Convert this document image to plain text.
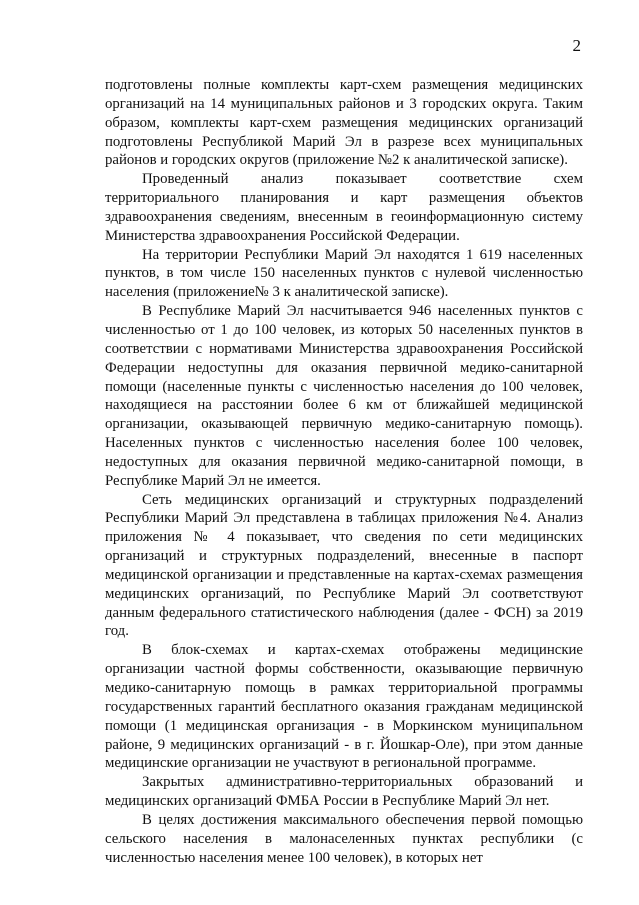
2

подготовлены полные комплекты карт-схем размещения медицинских организаций на 14 муниципальных районов и 3 городских округа. Таким образом, комплекты карт-схем размещения медицинских организаций подготовлены Республикой Марий Эл в разрезе всех муниципальных районов и городских округов (приложение №2 к аналитической записке).

Проведенный анализ показывает соответствие схем территориального планирования и карт размещения объектов здравоохранения сведениям, внесенным в геоинформационную систему Министерства здравоохранения Российской Федерации.

На территории Республики Марий Эл находятся 1 619 населенных пунктов, в том числе 150 населенных пунктов с нулевой численностью населения (приложение№ 3 к аналитической записке).

В Республике Марий Эл насчитывается 946 населенных пунктов с численностью от 1 до 100 человек, из которых 50 населенных пунктов в соответствии с нормативами Министерства здравоохранения Российской Федерации недоступны для оказания первичной медико-санитарной помощи (населенные пункты с численностью населения до 100 человек, находящиеся на расстоянии более 6 км от ближайшей медицинской организации, оказывающей первичную медико-санитарную помощь). Населенных пунктов с численностью населения более 100 человек, недоступных для оказания первичной медико-санитарной помощи, в Республике Марий Эл не имеется.

Сеть медицинских организаций и структурных подразделений Республики Марий Эл представлена в таблицах приложения №4. Анализ приложения № 4 показывает, что сведения по сети медицинских организаций и структурных подразделений, внесенные в паспорт медицинской организации и представленные на картах-схемах размещения медицинских организаций, по Республике Марий Эл соответствуют данным федерального статистического наблюдения (далее - ФСН) за 2019 год.

В блок-схемах и картах-схемах отображены медицинские организации частной формы собственности, оказывающие первичную медико-санитарную помощь в рамках территориальной программы государственных гарантий бесплатного оказания гражданам медицинской помощи (1 медицинская организация - в Моркинском муниципальном районе, 9 медицинских организаций - в г. Йошкар-Оле), при этом данные медицинские организации не участвуют в региональной программе.

Закрытых административно-территориальных образований и медицинских организаций ФМБА России в Республике Марий Эл нет.

В целях достижения максимального обеспечения первой помощью сельского населения в малонаселенных пунктах республики (с численностью населения менее 100 человек), в которых нет
